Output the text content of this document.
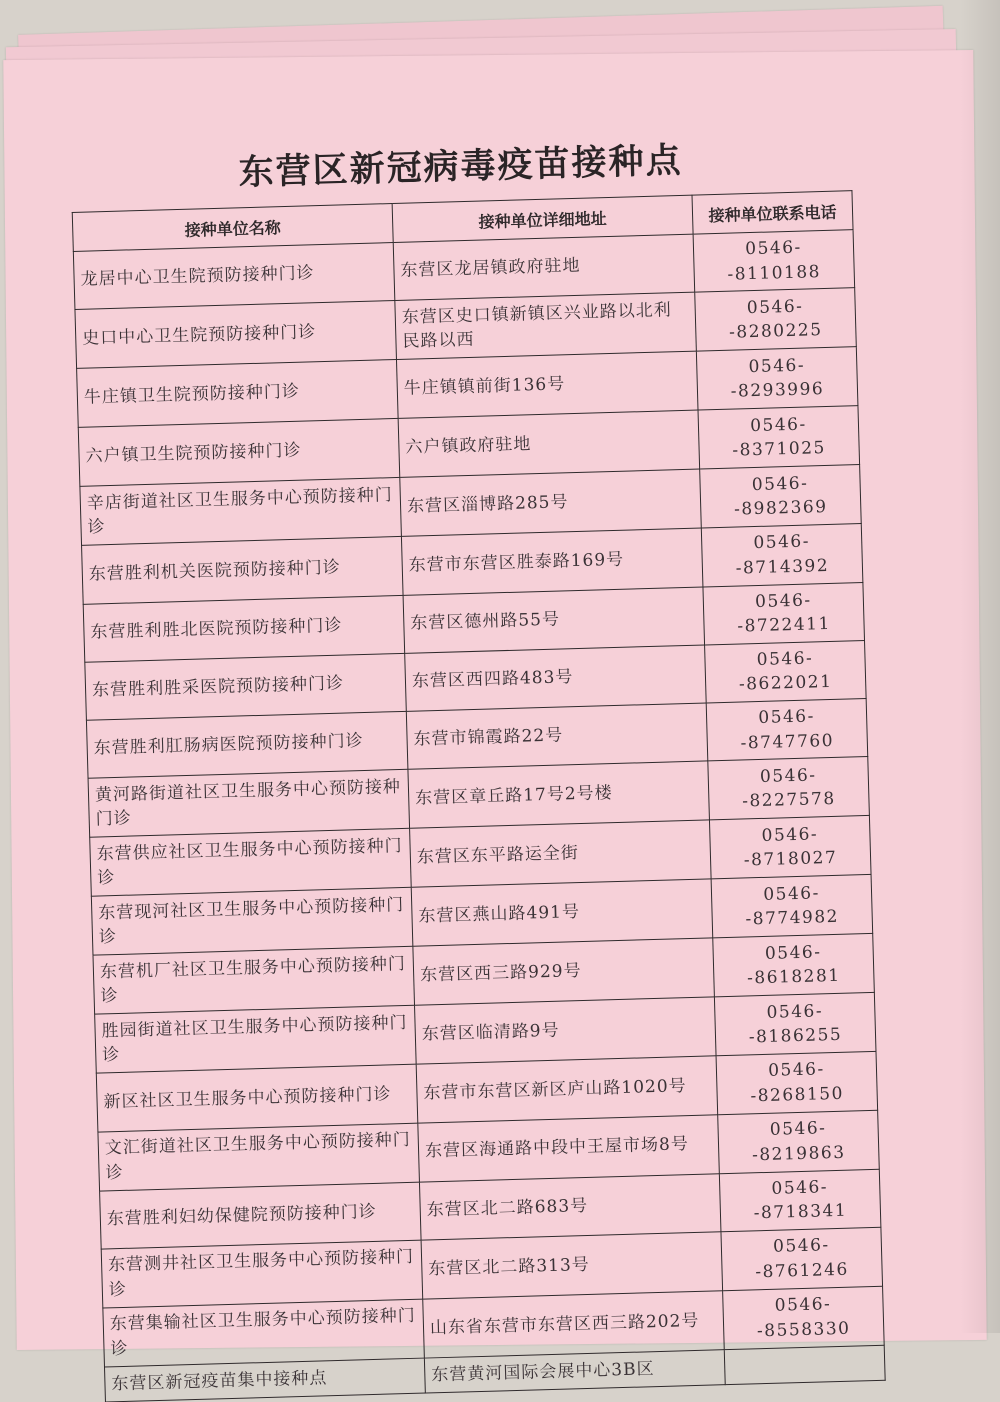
东营区新冠病毒疫苗接种点
接种单位名称	接种单位详细地址	接种单位联系电话
龙居中心卫生院预防接种门诊	东营区龙居镇政府驻地	0546--8110188
史口中心卫生院预防接种门诊	东营区史口镇新镇区兴业路以北利民路以西	0546--8280225
牛庄镇卫生院预防接种门诊	牛庄镇镇前街136号	0546--8293996
六户镇卫生院预防接种门诊	六户镇政府驻地	0546--8371025
辛店街道社区卫生服务中心预防接种门诊	东营区淄博路285号	0546--8982369
东营胜利机关医院预防接种门诊	东营市东营区胜泰路169号	0546--8714392
东营胜利胜北医院预防接种门诊	东营区德州路55号	0546--8722411
东营胜利胜采医院预防接种门诊	东营区西四路483号	0546--8622021
东营胜利肛肠病医院预防接种门诊	东营市锦霞路22号	0546--8747760
黄河路街道社区卫生服务中心预防接种门诊	东营区章丘路17号2号楼	0546--8227578
东营供应社区卫生服务中心预防接种门诊	东营区东平路运全街	0546--8718027
东营现河社区卫生服务中心预防接种门诊	东营区燕山路491号	0546--8774982
东营机厂社区卫生服务中心预防接种门诊	东营区西三路929号	0546--8618281
胜园街道社区卫生服务中心预防接种门诊	东营区临清路9号	0546--8186255
新区社区卫生服务中心预防接种门诊	东营市东营区新区庐山路1020号	0546--8268150
文汇街道社区卫生服务中心预防接种门诊	东营区海通路中段中王屋市场8号	0546--8219863
东营胜利妇幼保健院预防接种门诊	东营区北二路683号	0546--8718341
东营测井社区卫生服务中心预防接种门诊	东营区北二路313号	0546--8761246
东营集输社区卫生服务中心预防接种门诊	山东省东营市东营区西三路202号	0546--8558330
东营区新冠疫苗集中接种点	东营黄河国际会展中心3B区	
